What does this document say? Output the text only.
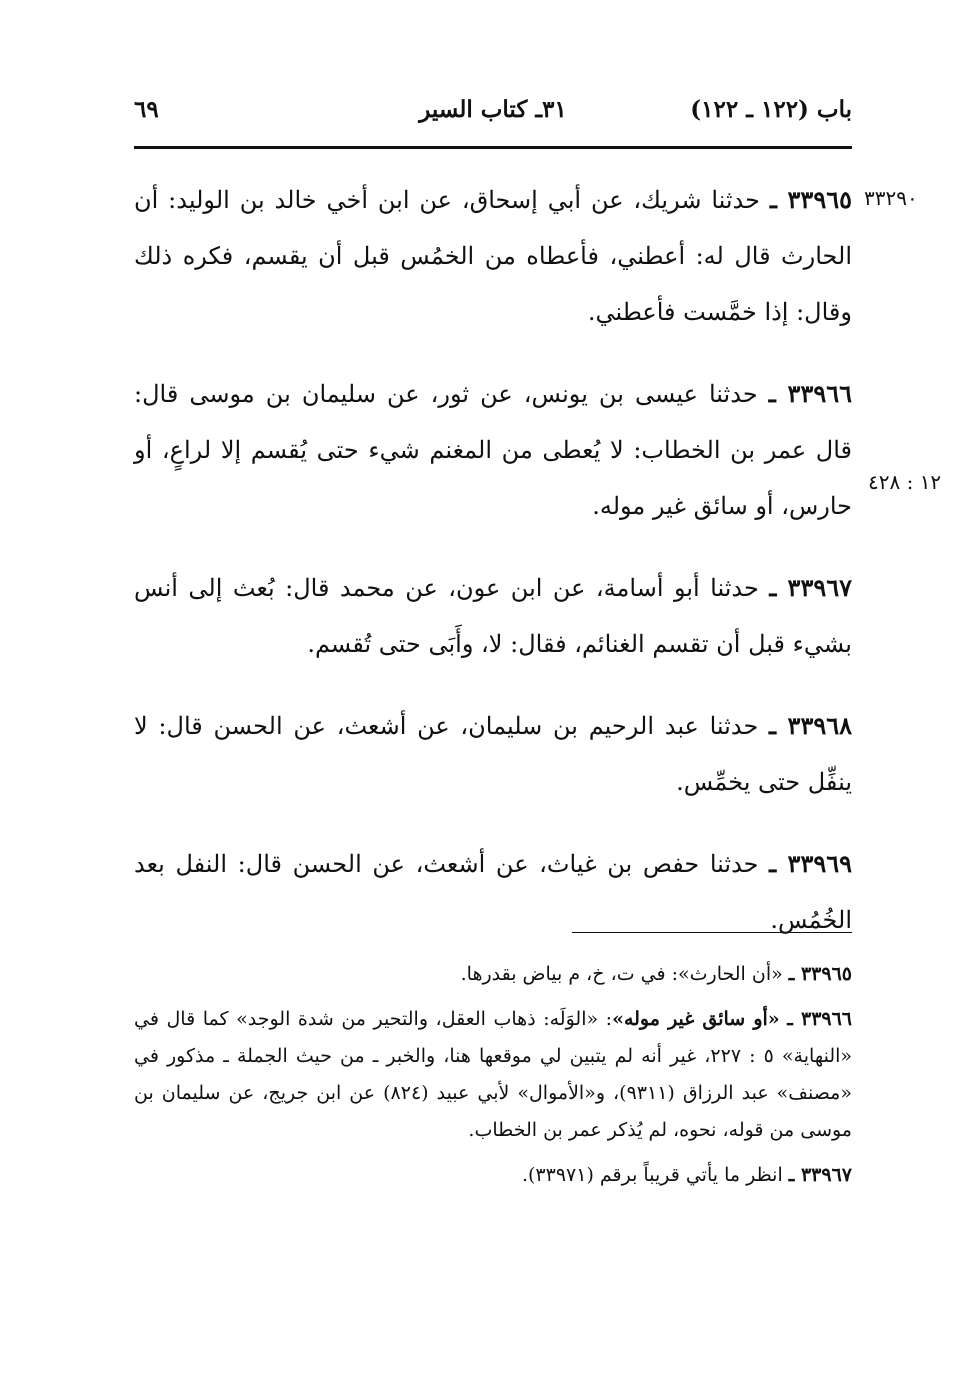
باب (١٢٢ ـ ١٢٢)
٣١ـ كتاب السير
٦٩
٣٣٢٩٠
١٢ : ٤٢٨

٣٣٩٦٥ ـ حدثنا شريك، عن أبي إسحاق، عن ابن أخي خالد بن الوليد: أن الحارث قال له: أعطني، فأعطاه من الخمُس قبل أن يقسم، فكره ذلك وقال: إذا خمَّست فأعطني.

٣٣٩٦٦ ـ حدثنا عيسى بن يونس، عن ثور، عن سليمان بن موسى قال: قال عمر بن الخطاب: لا يُعطى من المغنم شيء حتى يُقسم إلا لراعٍ، أو حارس، أو سائق غير موله.

٣٣٩٦٧ ـ حدثنا أبو أسامة، عن ابن عون، عن محمد قال: بُعث إلى أنس بشيء قبل أن تقسم الغنائم، فقال: لا، وأَبَى حتى تُقسم.

٣٣٩٦٨ ـ حدثنا عبد الرحيم بن سليمان، عن أشعث، عن الحسن قال: لا ينفِّل حتى يخمِّس.

٣٣٩٦٩ ـ حدثنا حفص بن غياث، عن أشعث، عن الحسن قال: النفل بعد الخُمُس.

٣٣٩٦٥ ـ «أن الحارث»: في ت، خ، م بياض بقدرها.

٣٣٩٦٦ ـ «أو سائق غير موله»: «الوَلَه: ذهاب العقل، والتحير من شدة الوجد» كما قال في «النهاية» ٥ : ٢٢٧، غير أنه لم يتبين لي موقعها هنا، والخبر ـ من حيث الجملة ـ مذكور في «مصنف» عبد الرزاق (٩٣١١)، و«الأموال» لأبي عبيد (٨٢٤) عن ابن جريج، عن سليمان بن موسى من قوله، نحوه، لم يُذكر عمر بن الخطاب.

٣٣٩٦٧ ـ انظر ما يأتي قريباً برقم (٣٣٩٧١).
